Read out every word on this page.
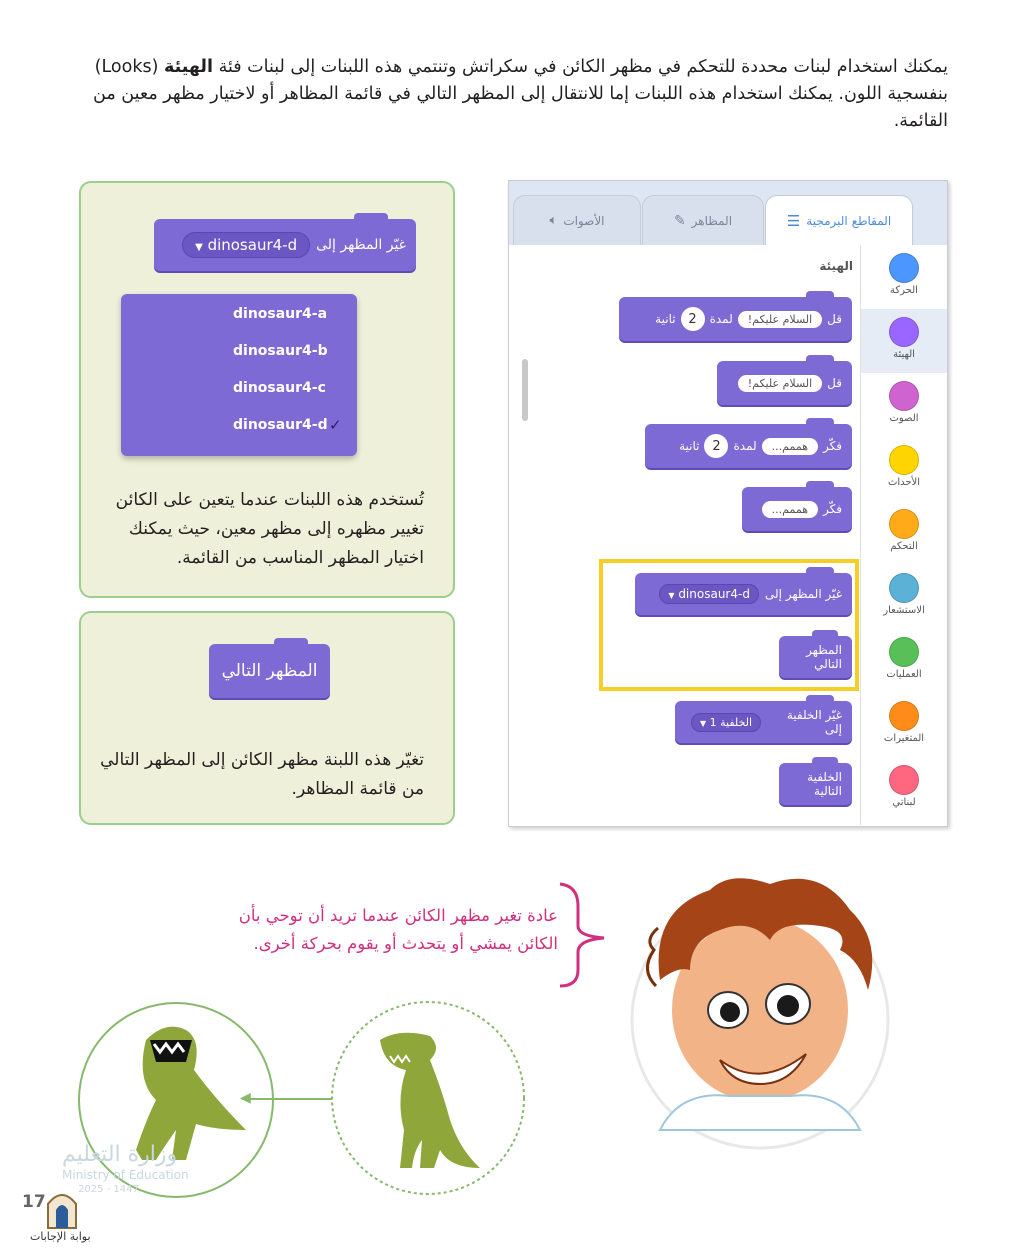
يمكنك استخدام لبنات محددة للتحكم في مظهر الكائن في سكراتش وتنتمي هذه اللبنات إلى لبنات فئة الهيئة (Looks) بنفسجية اللون. يمكنك استخدام هذه اللبنات إما للانتقال إلى المظهر التالي في قائمة المظاهر أو لاختيار مظهر معين من القائمة.
غيّر المظهر إلى
▼ dinosaur4-d
dinosaur4-a
dinosaur4-b
dinosaur4-c
dinosaur4-d ✓
تُستخدم هذه اللبنات عندما يتعين على الكائن تغيير مظهره إلى مظهر معين، حيث يمكنك اختيار المظهر المناسب من القائمة.
المظهر التالي
تغيّر هذه اللبنة مظهر الكائن إلى المظهر التالي من قائمة المظاهر.
المقاطع البرمجية
☰
المظاهر
✎
الأصوات
🔈︎
الحركة
الهيئة
الصوت
الأحداث
التحكم
الاستشعار
العمليات
المتغيرات
لبناتي
الهيئة
قل
السلام عليكم!
لمدة
2
ثانية
قل
السلام عليكم!
فكّر
هممم...
لمدة
2
ثانية
فكّر
هممم...
غيّر المظهر إلى
▼ dinosaur4-d
المظهر التالي
غيّر الخلفية إلى
الخلفية 1 ▼
الخلفية التالية
عادة تغير مظهر الكائن عندما تريد أن توحي بأن الكائن يمشي أو يتحدث أو يقوم بحركة أخرى.
◀
وزارة التعليم
Ministry of Education
2025 - 1447
17
بوابة الإجابات
